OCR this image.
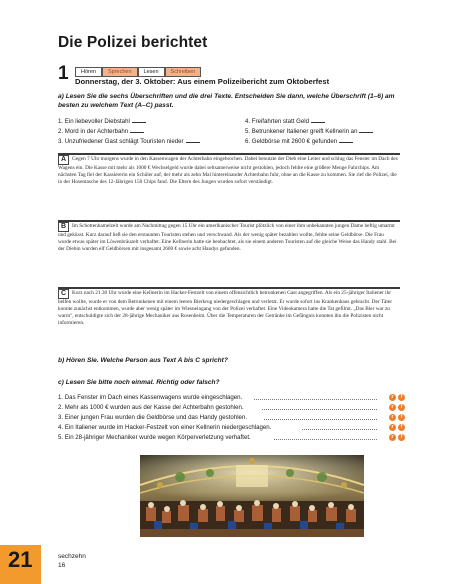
Die Polizei berichtet
1	Hören	Sprechen	Lesen	Schreiben
Donnerstag, der 3. Oktober: Aus einem Polizeibericht zum Oktoberfest
a) Lesen Sie die sechs Überschriften und die drei Texte. Entscheiden Sie dann, welche Überschrift (1–6) am besten zu welchem Text (A–C) passt.
1. Ein liebevoller Diebstahl
2. Mord in der Achterbahn
3. Unzufriedener Gast schlägt Touristen nieder
4. Freifahrten statt Geld
5. Betrunkener Italiener greift Kellnerin an
6. Geldbörse mit 2600 € gefunden
A Gegen 7 Uhr morgens wurde in den Kassenwagen der Achterbahn eingebrochen. Dabei benutzte der Dieb eine Leiter und schlug das Fenster im Dach des Wagens ein. Die Kasse mit mehr als 1000 € Wechselgeld wurde dabei seltsamerweise nicht gestohlen, jedoch fehlte eine größere Menge Fahrchips. Am nächsten Tag fiel der Kassiererin ein Schüler auf, der mehr als zehn Mal hintereinander Achterbahn fuhr, ohne an die Kasse zu kommen. Sie rief die Polizei, die in der Hosentasche des 12-Jährigen 150 Chips fand. Die Eltern des Jungen wurden sofort verständigt.
B Im Schottenhamelzelt wurde am Nachmittag gegen 15 Uhr ein amerikanischer Tourist plötzlich von einer ihm unbekannten jungen Dame heftig umarmt und geküsst. Kurz darauf ließ sie den erstaunten Touristen stehen und verschwand. Als der wenig später bezahlen wollte, fehlte seine Geldbörse. Die Frau wurde etwas später im Löwenbräuzelt verhaftet. Eine Kellnerin hatte sie beobachtet, als sie einem anderen Touristen auf die gleiche Weise das Handy stahl. Bei der Diebin wurden elf Geldbörsen mit insgesamt 2600 € sowie acht Handys gefunden.
C Kurz nach 21.30 Uhr wurde eine Kellnerin im Hacker-Festzelt von einem offensichtlich betrunkenen Gast angegriffen. Als ein 25-jähriger Italiener ihr helfen wollte, wurde er von dem Betrunkenen mit einem leeren Bierkrug niedergeschlagen und verletzt. Er wurde sofort ins Krankenhaus gebracht. Der Täter konnte zunächst entkommen, wurde aber wenig später im Wiesneingang von der Polizei verhaftet. Eine Videokamera hatte die Tat gefilmt. „Das Bier war zu warm", entschuldigte sich der 28-jährige Mechaniker aus Rosenheim. Über die Temperaturen der Getränke im Gefängnis konnten ihn die Polizisten nicht informieren.
b) Hören Sie. Welche Person aus Text A bis C spricht?
c) Lesen Sie bitte noch einmal. Richtig oder falsch?
1. Das Fenster im Dach eines Kassenwagens wurde eingeschlagen.	r	f
2. Mehr als 1000 € wurden aus der Kasse der Achterbahn gestohlen.	r	f
3. Einer jungen Frau wurden die Geldbörse und das Handy gestohlen.	r	f
4. Ein Italiener wurde im Hacker-Festzelt von einer Kellnerin niedergeschlagen.	r	f
5. Ein 28-jähriger Mechaniker wurde wegen Körperverletzung verhaftet.	r	f
21	sechzehn
16
